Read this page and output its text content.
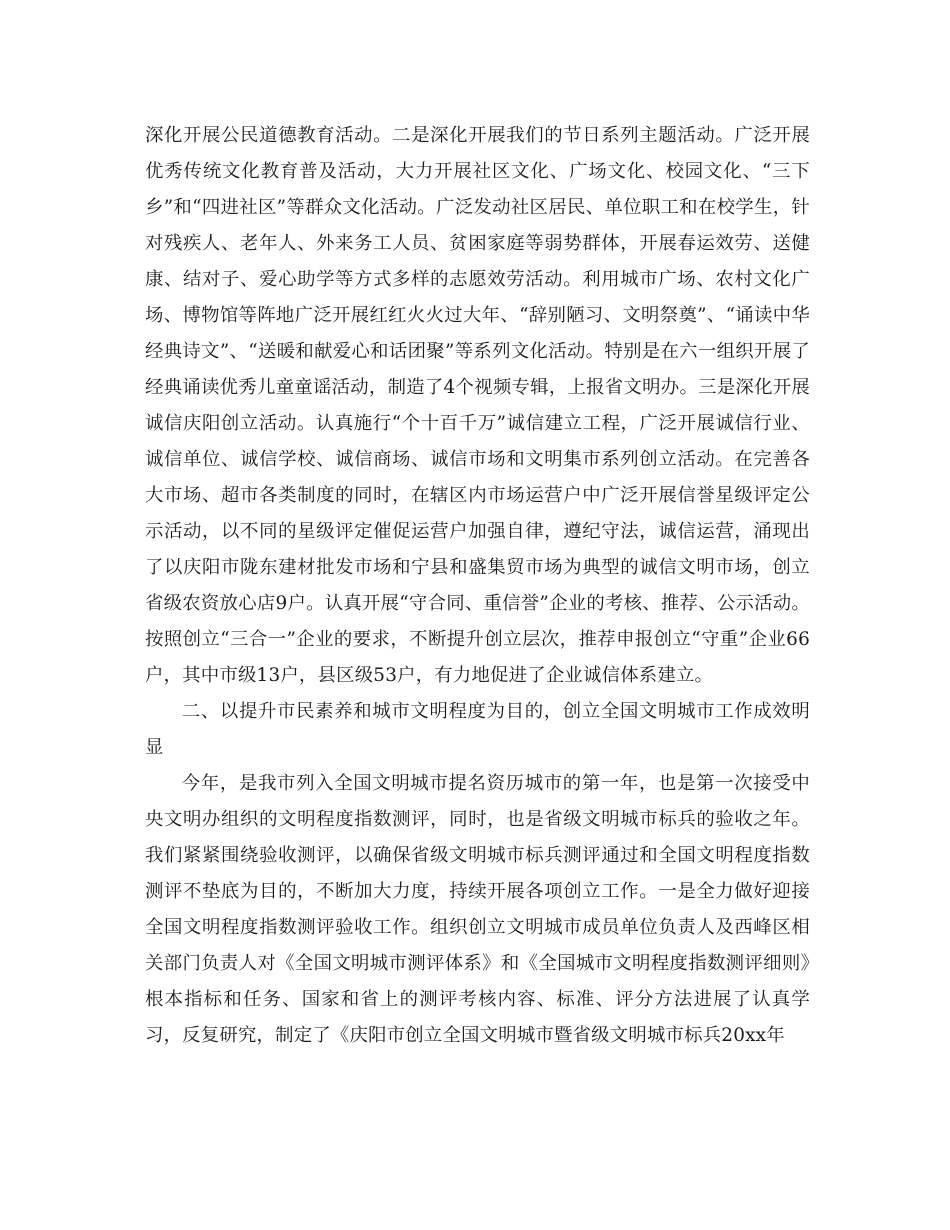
深化开展公民道德教育活动。二是深化开展我们的节日系列主题活动。广泛开展优秀传统文化教育普及活动，大力开展社区文化、广场文化、校园文化、“三下乡”和“四进社区”等群众文化活动。广泛发动社区居民、单位职工和在校学生，针对残疾人、老年人、外来务工人员、贫困家庭等弱势群体，开展春运效劳、送健康、结对子、爱心助学等方式多样的志愿效劳活动。利用城市广场、农村文化广场、博物馆等阵地广泛开展红红火火过大年、“辞别陋习、文明祭奠”、“诵读中华经典诗文”、“送暖和献爱心和话团聚”等系列文化活动。特别是在六一组织开展了经典诵读优秀儿童童谣活动，制造了4个视频专辑，上报省文明办。三是深化开展诚信庆阳创立活动。认真施行“个十百千万”诚信建立工程，广泛开展诚信行业、诚信单位、诚信学校、诚信商场、诚信市场和文明集市系列创立活动。在完善各大市场、超市各类制度的同时，在辖区内市场运营户中广泛开展信誉星级评定公示活动，以不同的星级评定催促运营户加强自律，遵纪守法，诚信运营，涌现出了以庆阳市陇东建材批发市场和宁县和盛集贸市场为典型的诚信文明市场，创立省级农资放心店9户。认真开展“守合同、重信誉”企业的考核、推荐、公示活动。按照创立“三合一”企业的要求，不断提升创立层次，推荐申报创立“守重”企业66户，其中市级13户，县区级53户，有力地促进了企业诚信体系建立。

二、以提升市民素养和城市文明程度为目的，创立全国文明城市工作成效明显

今年，是我市列入全国文明城市提名资历城市的第一年，也是第一次接受中央文明办组织的文明程度指数测评，同时，也是省级文明城市标兵的验收之年。我们紧紧围绕验收测评，以确保省级文明城市标兵测评通过和全国文明程度指数测评不垫底为目的，不断加大力度，持续开展各项创立工作。一是全力做好迎接全国文明程度指数测评验收工作。组织创立文明城市成员单位负责人及西峰区相关部门负责人对《全国文明城市测评体系》和《全国城市文明程度指数测评细则》根本指标和任务、国家和省上的测评考核内容、标准、评分方法进展了认真学习，反复研究，制定了《庆阳市创立全国文明城市暨省级文明城市标兵20xx年
